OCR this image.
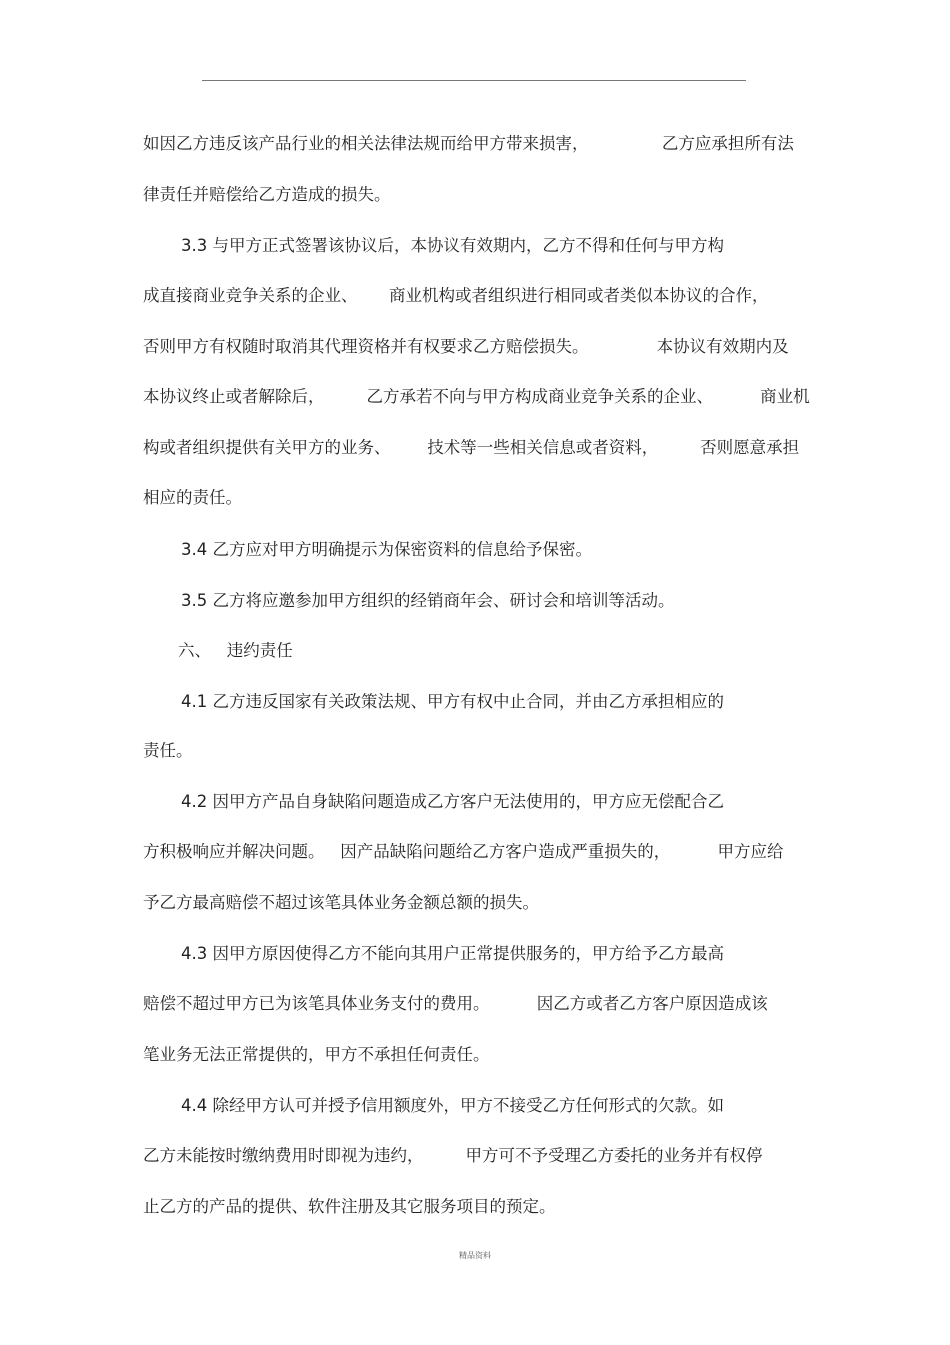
如因乙方违反该产品行业的相关法律法规而给甲方带来损害，              乙方应承担所有法

律责任并赔偿给乙方造成的损失。

3.3 与甲方正式签署该协议后，本协议有效期内，乙方不得和任何与甲方构

成直接商业竞争关系的企业、      商业机构或者组织进行相同或者类似本协议的合作，

否则甲方有权随时取消其代理资格并有权要求乙方赔偿损失。             本协议有效期内及

本协议终止或者解除后，        乙方承若不向与甲方构成商业竞争关系的企业、         商业机

构或者组织提供有关甲方的业务、       技术等一些相关信息或者资料，        否则愿意承担

相应的责任。

3.4 乙方应对甲方明确提示为保密资料的信息给予保密。

3.5 乙方将应邀参加甲方组织的经销商年会、研讨会和培训等活动。

六、   违约责任

4.1 乙方违反国家有关政策法规、甲方有权中止合同，并由乙方承担相应的

责任。

4.2 因甲方产品自身缺陷问题造成乙方客户无法使用的，甲方应无偿配合乙

方积极响应并解决问题。   因产品缺陷问题给乙方客户造成严重损失的，         甲方应给

予乙方最高赔偿不超过该笔具体业务金额总额的损失。

4.3 因甲方原因使得乙方不能向其用户正常提供服务的，甲方给予乙方最高

赔偿不超过甲方已为该笔具体业务支付的费用。         因乙方或者乙方客户原因造成该

笔业务无法正常提供的，甲方不承担任何责任。

4.4 除经甲方认可并授予信用额度外，甲方不接受乙方任何形式的欠款。如

乙方未能按时缴纳费用时即视为违约，        甲方可不予受理乙方委托的业务并有权停

止乙方的产品的提供、软件注册及其它服务项目的预定。

精品资料
